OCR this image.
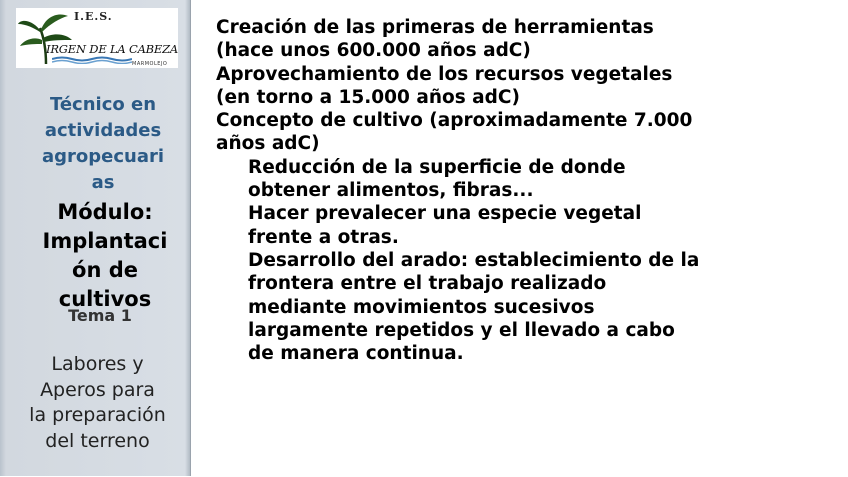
I.E.S.
IRGEN DE LA CABEZA
MARMOLEJO
Técnico en
actividades
agropecuari
as
Tema 1
Módulo:
Implantaci
ón de
cultivos
Labores y
Aperos para
la preparación
del terreno
Creación de las primeras de herramientas
(hace unos 600.000 años adC)
Aprovechamiento de los recursos vegetales
(en torno a 15.000 años adC)
Concepto de cultivo (aproximadamente 7.000
años adC)
Reducción de la superficie de donde
obtener alimentos, fibras...
Hacer prevalecer una especie vegetal
frente a otras.
Desarrollo del arado: establecimiento de la
frontera entre el trabajo realizado
mediante movimientos sucesivos
largamente repetidos y el llevado a cabo
de manera continua.
